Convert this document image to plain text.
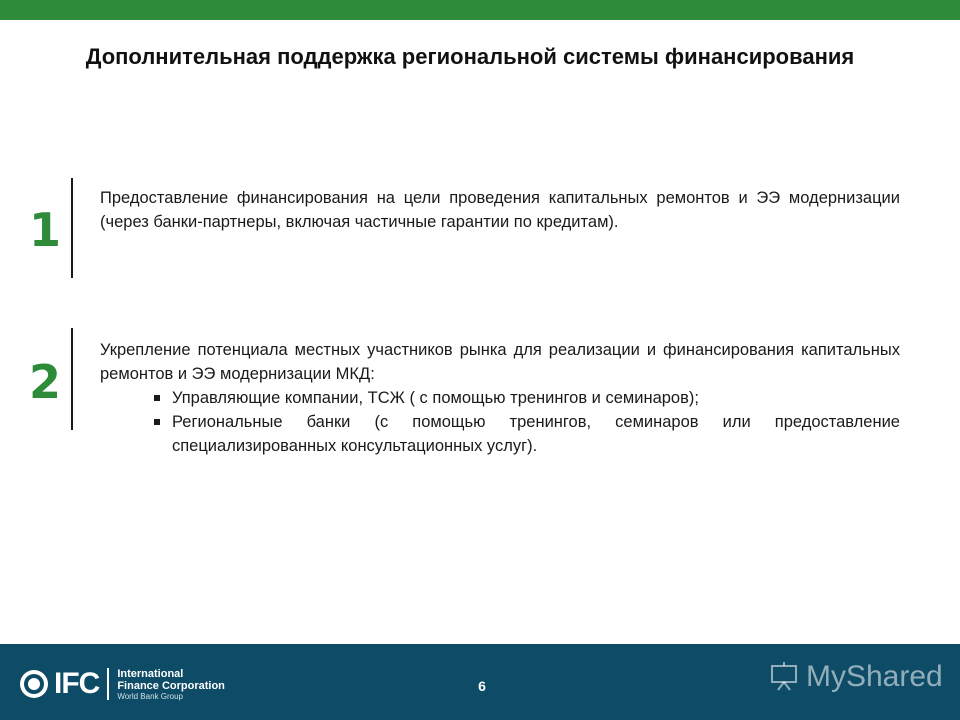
Дополнительная поддержка региональной системы финансирования
1

Предоставление финансирования на цели проведения капитальных ремонтов и ЭЭ модернизации (через банки-партнеры, включая частичные гарантии по кредитам).

2

Укрепление потенциала местных участников рынка для реализации и финансирования капитальных ремонтов и ЭЭ модернизации МКД:

Управляющие компании, ТСЖ ( с помощью тренингов и семинаров);
Региональные банки (с помощью тренингов, семинаров или предоставление специализированных консультационных услуг).
IFC International
Finance Corporation
World Bank Group
6	MyShared
